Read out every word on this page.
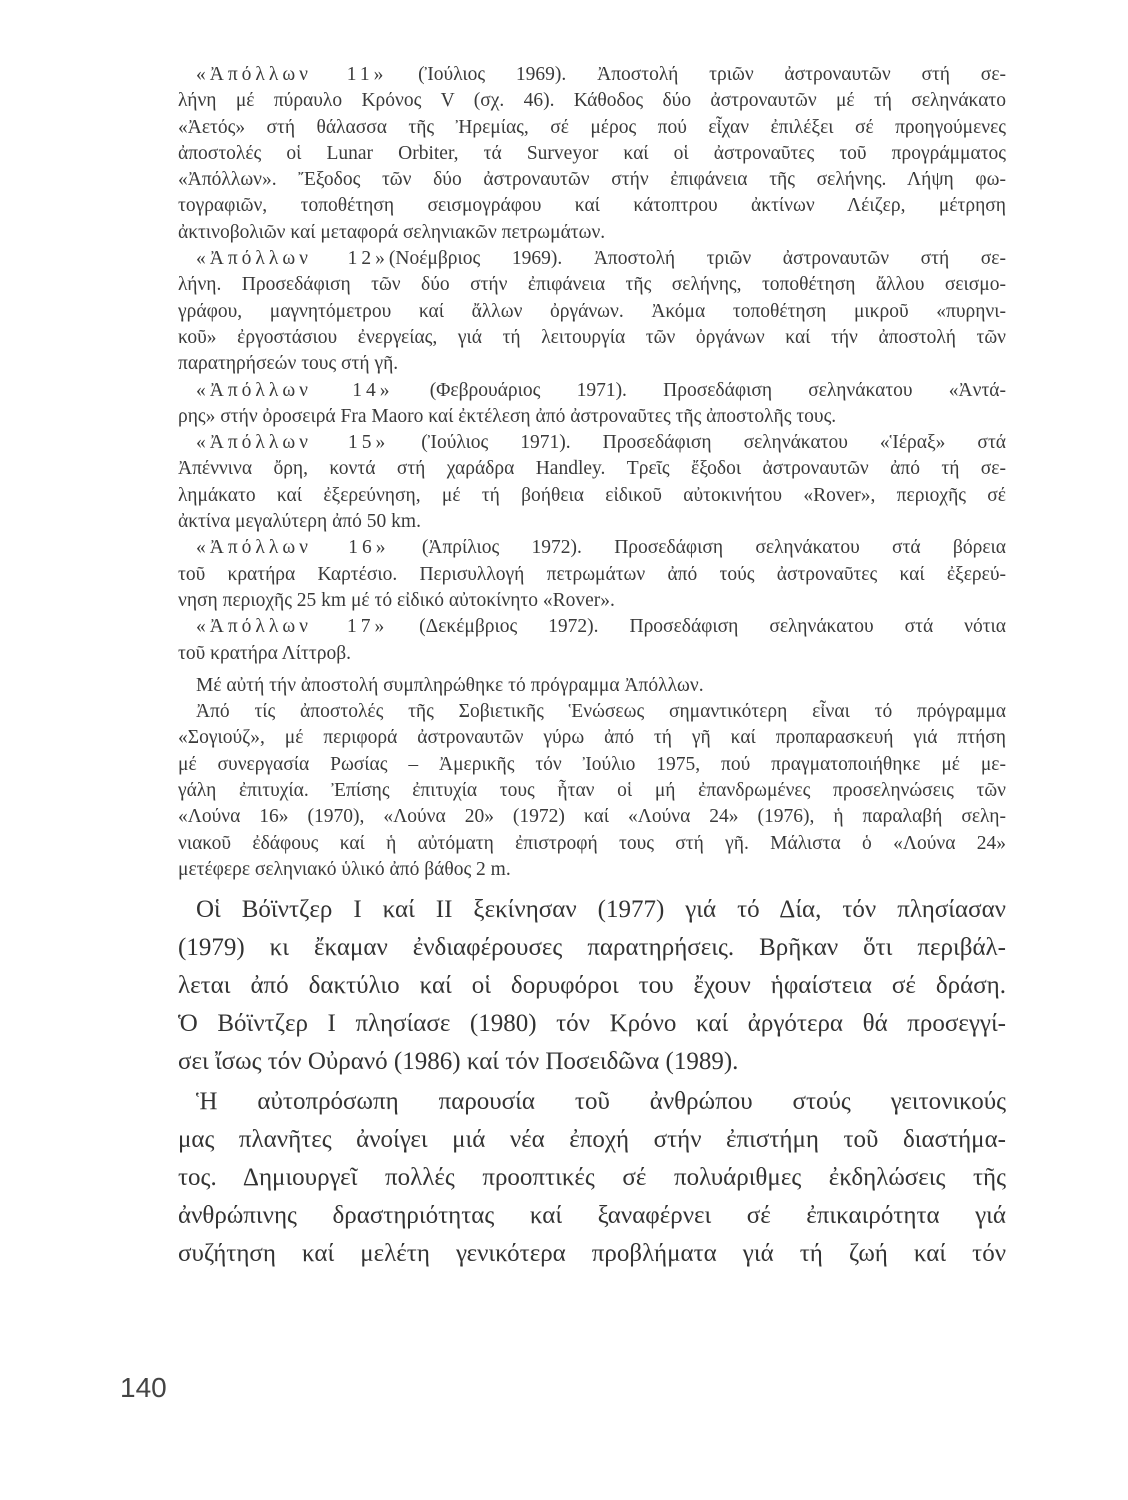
«Ἀπόλλων 11» (Ἰούλιος 1969). Ἀποστολή τριῶν ἀστροναυτῶν στή σε-
λήνη μέ πύραυλο Κρόνος V (σχ. 46). Κάθοδος δύο ἀστροναυτῶν μέ τή σεληνάκατο
«Ἀετός» στή θάλασσα τῆς Ἠρεμίας, σέ μέρος πού εἶχαν ἐπιλέξει σέ προηγούμενες
ἀποστολές οἱ Lunar Orbiter, τά Surveyor καί οἱ ἀστροναῦτες τοῦ προγράμματος
«Ἀπόλλων». Ἔξοδος τῶν δύο ἀστροναυτῶν στήν ἐπιφάνεια τῆς σελήνης. Λήψη φω-
τογραφιῶν, τοποθέτηση σεισμογράφου καί κάτοπτρου ἀκτίνων Λέιζερ, μέτρηση
ἀκτινοβολιῶν καί μεταφορά σεληνιακῶν πετρωμάτων.
«Ἀπόλλων 12»(Νοέμβριος 1969). Ἀποστολή τριῶν ἀστροναυτῶν στή σε-
λήνη. Προσεδάφιση τῶν δύο στήν ἐπιφάνεια τῆς σελήνης, τοποθέτηση ἄλλου σεισμο-
γράφου, μαγνητόμετρου καί ἄλλων ὀργάνων. Ἀκόμα τοποθέτηση μικροῦ «πυρηνι-
κοῦ» ἐργοστάσιου ἐνεργείας, γιά τή λειτουργία τῶν ὀργάνων καί τήν ἀποστολή τῶν
παρατηρήσεών τους στή γῆ.
«Ἀπόλλων 14» (Φεβρουάριος 1971). Προσεδάφιση σεληνάκατου «Ἀντά-
ρης» στήν ὀροσειρά Fra Maoro καί ἐκτέλεση ἀπό ἀστροναῦτες τῆς ἀποστολῆς τους.
«Ἀπόλλων 15» (Ἰούλιος 1971). Προσεδάφιση σεληνάκατου «Ἱέραξ» στά
Ἀπέννινα ὄρη, κοντά στή χαράδρα Handley. Τρεῖς ἔξοδοι ἀστροναυτῶν ἀπό τή σε-
λημάκατο καί ἐξερεύνηση, μέ τή βοήθεια εἰδικοῦ αὐτοκινήτου «Rover», περιοχῆς σέ
ἀκτίνα μεγαλύτερη ἀπό 50 km.
«Ἀπόλλων 16» (Ἀπρίλιος 1972). Προσεδάφιση σεληνάκατου στά βόρεια
τοῦ κρατήρα Καρτέσιο. Περισυλλογή πετρωμάτων ἀπό τούς ἀστροναῦτες καί ἐξερεύ-
νηση περιοχῆς 25 km μέ τό εἰδικό αὐτοκίνητο «Rover».
«Ἀπόλλων 17» (Δεκέμβριος 1972). Προσεδάφιση σεληνάκατου στά νότια
τοῦ κρατήρα Λίττροβ.
Μέ αὐτή τήν ἀποστολή συμπληρώθηκε τό πρόγραμμα Ἀπόλλων.
Ἀπό τίς ἀποστολές τῆς Σοβιετικῆς Ἑνώσεως σημαντικότερη εἶναι τό πρόγραμμα
«Σογιούζ», μέ περιφορά ἀστροναυτῶν γύρω ἀπό τή γῆ καί προπαρασκευή γιά πτήση
μέ συνεργασία Ρωσίας – Ἀμερικῆς τόν Ἰούλιο 1975, πού πραγματοποιήθηκε μέ με-
γάλη ἐπιτυχία. Ἐπίσης ἐπιτυχία τους ἦταν οἱ μή ἐπανδρωμένες προσεληνώσεις τῶν
«Λούνα 16» (1970), «Λούνα 20» (1972) καί «Λούνα 24» (1976), ἡ παραλαβή σελη-
νιακοῦ ἐδάφους καί ἡ αὐτόματη ἐπιστροφή τους στή γῆ. Μάλιστα ὁ «Λούνα 24»
μετέφερε σεληνιακό ὑλικό ἀπό βάθος 2 m.
Οἱ Βόϊντζερ I καί II ξεκίνησαν (1977) γιά τό Δία, τόν πλησίασαν
(1979) κι ἔκαμαν ἐνδιαφέρουσες παρατηρήσεις. Βρῆκαν ὅτι περιβάλ-
λεται ἀπό δακτύλιο καί οἱ δορυφόροι του ἔχουν ἡφαίστεια σέ δράση.
Ὁ Βόϊντζερ I πλησίασε (1980) τόν Κρόνο καί ἀργότερα θά προσεγγί-
σει ἴσως τόν Οὐρανό (1986) καί τόν Ποσειδῶνα (1989).
Ἡ αὐτοπρόσωπη παρουσία τοῦ ἀνθρώπου στούς γειτονικούς
μας πλανῆτες ἀνοίγει μιά νέα ἐποχή στήν ἐπιστήμη τοῦ διαστήμα-
τος. Δημιουργεῖ πολλές προοπτικές σέ πολυάριθμες ἐκδηλώσεις τῆς
ἀνθρώπινης δραστηριότητας καί ξαναφέρνει σέ ἐπικαιρότητα γιά
συζήτηση καί μελέτη γενικότερα προβλήματα γιά τή ζωή καί τόν
140
